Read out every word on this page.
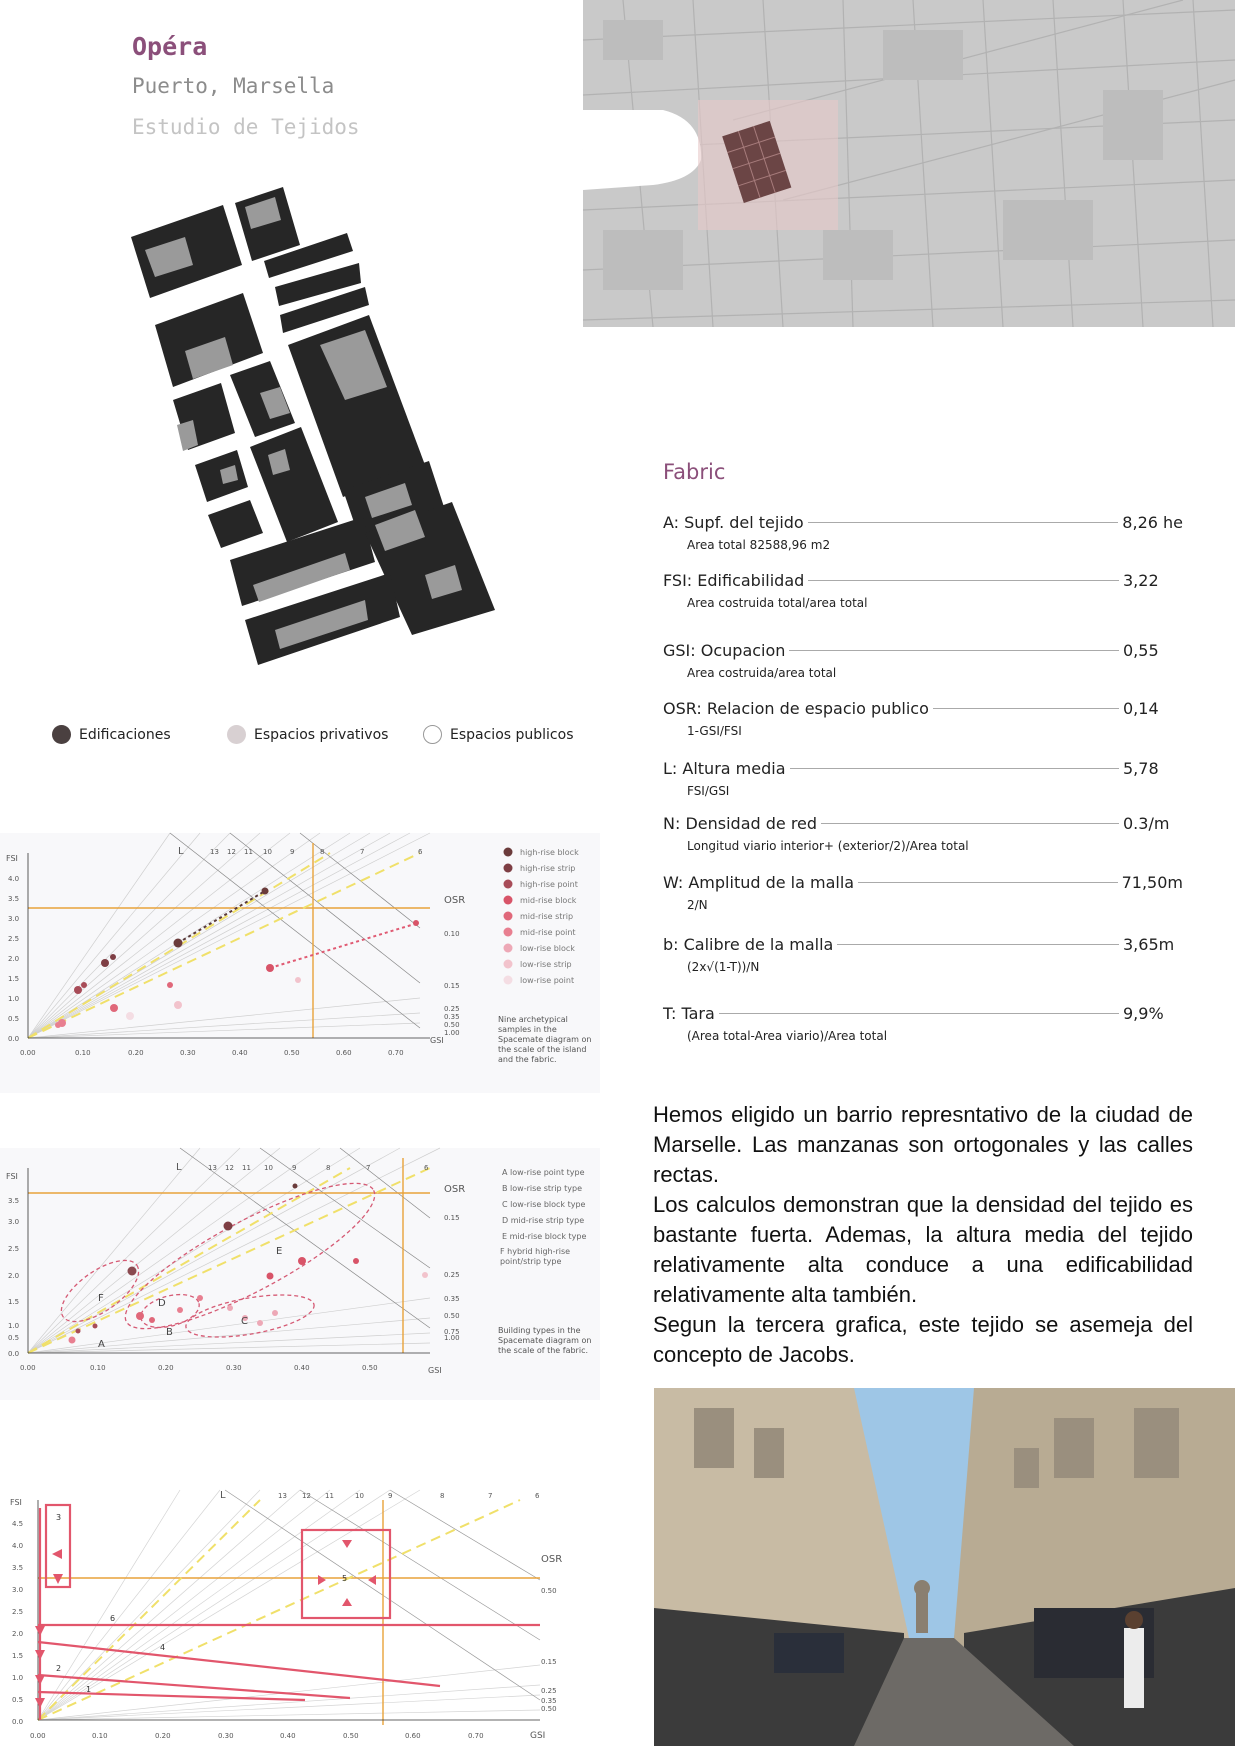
Opéra
Puerto, Marsella
Estudio de Tejidos
Edificaciones	Espacios privativos	Espacios publicos
Fabric
A: Supf. del tejido	8,26 he
Area total 82588,96 m2
FSI: Edificabilidad	3,22
Area costruida total/area total
GSI: Ocupacion	0,55
Area costruida/area total
OSR: Relacion de espacio publico	0,14
1-GSI/FSI
L: Altura media	5,78
FSI/GSI
N: Densidad de red	0.3/m
Longitud viario interior+ (exterior/2)/Area total
W: Amplitud de la malla	71,50m
2/N
b: Calibre de la malla	3,65m
(2x√(1-T))/N
T: Tara	9,9%
(Area total-Area viario)/Area total

Hemos eligido un barrio represntativo de la ciudad de Marselle. Las manzanas son ortogonales y las calles rectas.

Los calculos demonstran que la densidad del tejido es bastante fuerta. Ademas, la altura media del tejido relativamente alta conduce a una edificabilidad relativamente alta también.

Segun la tercera grafica, este tejido se asemeja del concepto de Jacobs.

FSI
GSI
OSR
L
4.0
3.5
3.0
2.5
2.0
1.5
1.0
0.5
0.0
0.00	0.10	0.20	0.30	0.40	0.50	0.60	0.70
13 12 11 10	9	8	7	6
0.10
0.15
0.25
0.35
0.50
1.00
high-rise block
high-rise strip
high-rise point
mid-rise block
mid-rise strip
mid-rise point
low-rise block
low-rise strip
low-rise point
Nine archetypical samples in the Spacemate diagram on the scale of the island and the fabric.
A
B
C
D
E
F
FSI
GSI
OSR
L
3.5
3.0
2.5
2.0
1.5
1.0
0.5
0.0
0.00	0.10	0.20	0.30	0.40	0.50
13 12 11 10	9	8	7	6
0.15
0.25
0.35
0.50
0.75
1.00
A low-rise point type
B low-rise strip type
C low-rise block type
D mid-rise strip type
E mid-rise block type
F hybrid high-rise point/strip type
Building types in the Spacemate diagram on the scale of the fabric.
3
5
6
4
2
1
FSI
L
OSR
4.5
4.0
3.5
3.0
2.5
2.0
1.5
1.0
0.5
0.0
0.00	0.10	0.20	0.30	0.40	0.50	0.60	0.70	GSI
13 12 11	10	9	8	7	6
0.50
0.15
0.25
0.35
0.50
